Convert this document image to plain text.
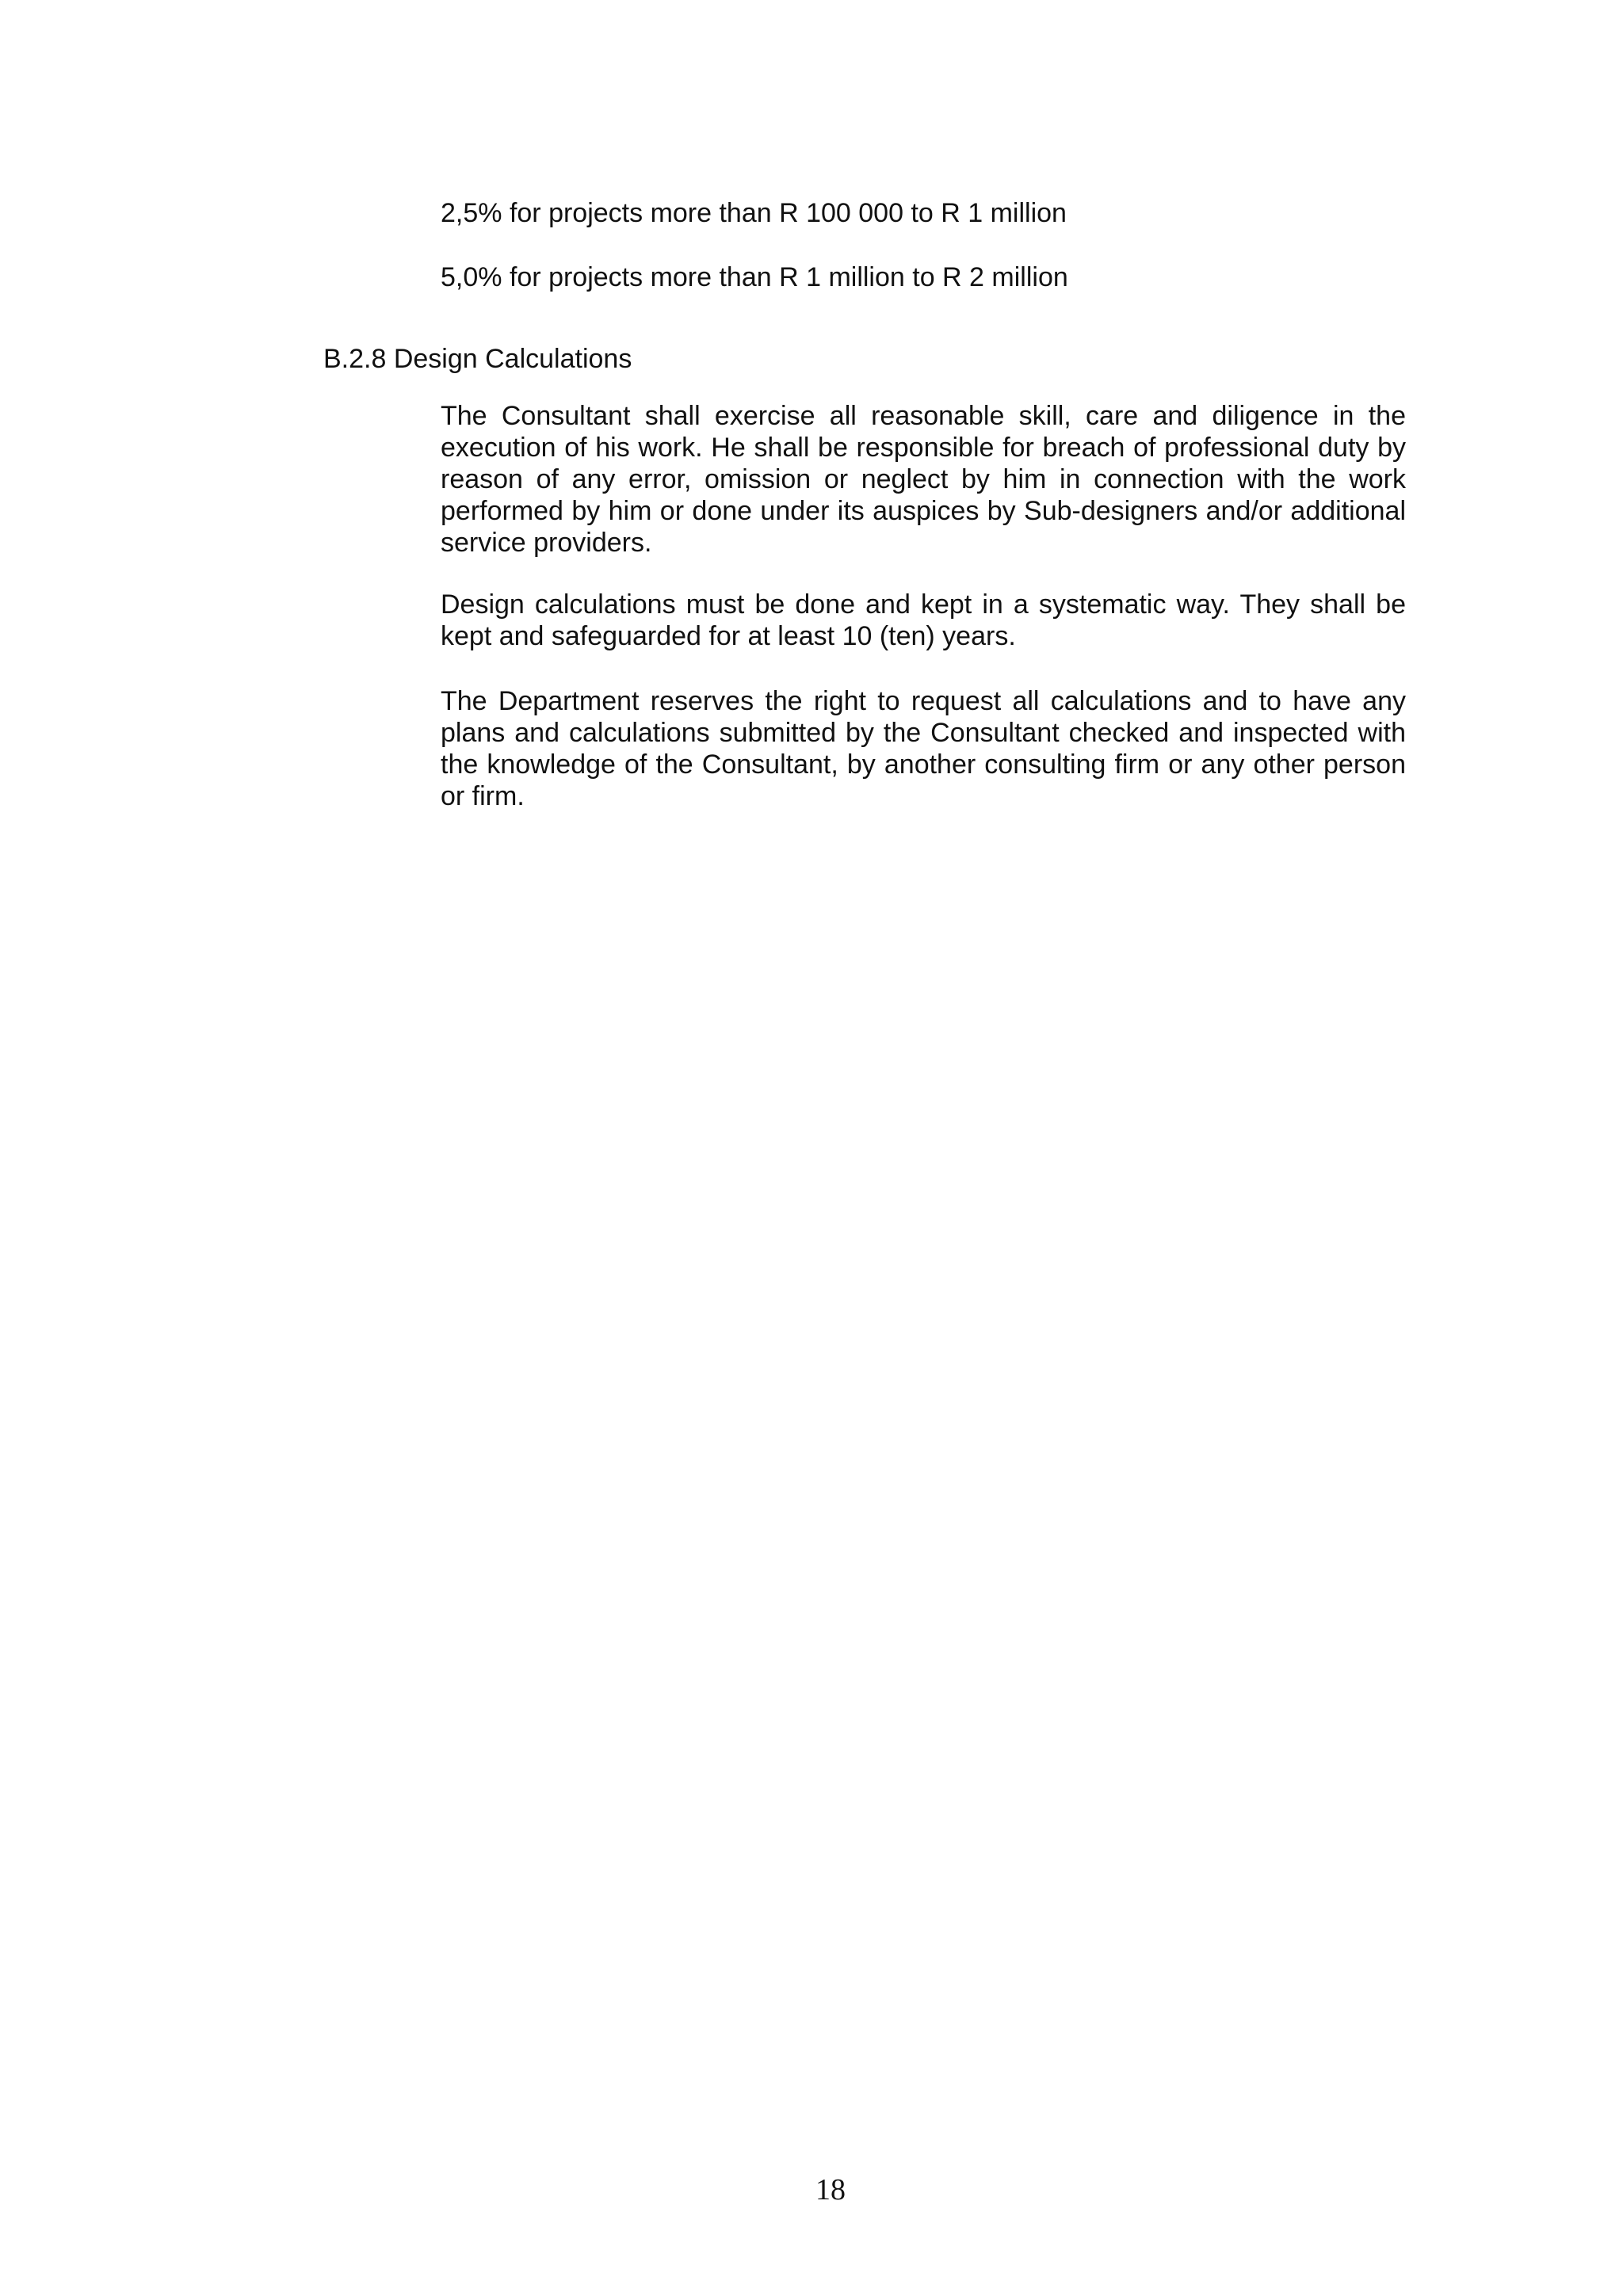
2,5% for projects more than R 100 000 to R 1 million
5,0% for projects more than R 1 million to R 2 million
B.2.8 Design Calculations
The Consultant shall exercise all reasonable skill, care and diligence in the execution of his work. He shall be responsible for breach of professional duty by reason of any error, omission or neglect by him in connection with the work performed by him or done under its auspices by Sub-designers and/or additional service providers.
Design calculations must be done and kept in a systematic way. They shall be kept and safeguarded for at least 10 (ten) years.
The Department reserves the right to request all calculations and to have any plans and calculations submitted by the Consultant checked and inspected with the knowledge of the Consultant, by another consulting firm or any other person or firm.
18
